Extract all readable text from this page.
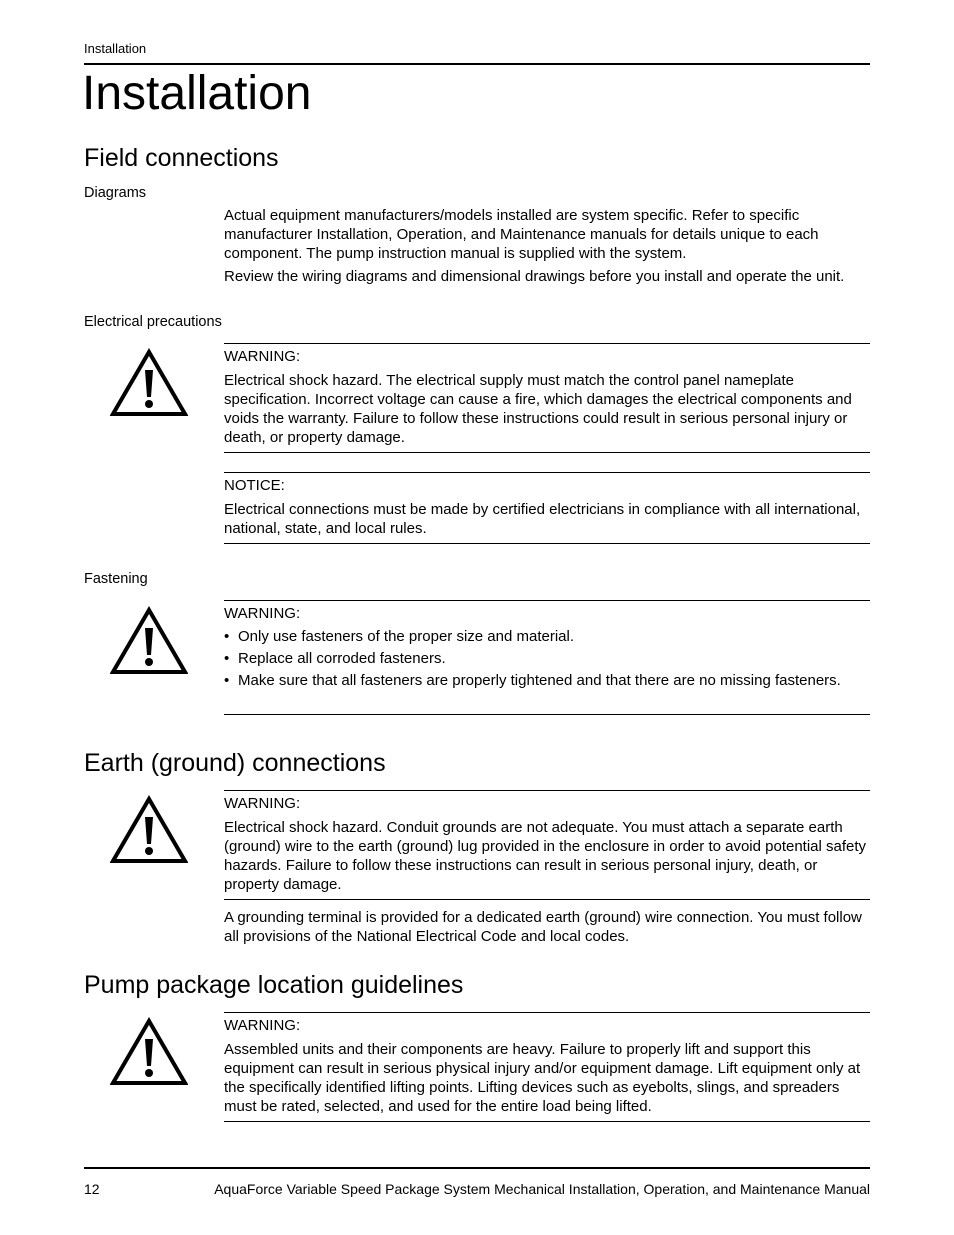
Installation
Installation
Field connections
Diagrams

Actual equipment manufacturers/models installed are system specific. Refer to specific manufacturer Installation, Operation, and Maintenance manuals for details unique to each component. The pump instruction manual is supplied with the system.

Review the wiring diagrams and dimensional drawings before you install and operate the unit.

Electrical precautions
WARNING:
Electrical shock hazard. The electrical supply must match the control panel nameplate specification. Incorrect voltage can cause a fire, which damages the electrical components and voids the warranty. Failure to follow these instructions could result in serious personal injury or death, or property damage.
NOTICE:
Electrical connections must be made by certified electricians in compliance with all international, national, state, and local rules.
Fastening
WARNING:
• Only use fasteners of the proper size and material.
• Replace all corroded fasteners.
• Make sure that all fasteners are properly tightened and that there are no missing fasteners.
Earth (ground) connections
WARNING:
Electrical shock hazard. Conduit grounds are not adequate. You must attach a separate earth (ground) wire to the earth (ground) lug provided in the enclosure in order to avoid potential safety hazards. Failure to follow these instructions can result in serious personal injury, death, or property damage.
A grounding terminal is provided for a dedicated earth (ground) wire connection. You must follow all provisions of the National Electrical Code and local codes.
Pump package location guidelines
WARNING:
Assembled units and their components are heavy. Failure to properly lift and support this equipment can result in serious physical injury and/or equipment damage. Lift equipment only at the specifically identified lifting points. Lifting devices such as eyebolts, slings, and spreaders must be rated, selected, and used for the entire load being lifted.
12	AquaForce Variable Speed Package System Mechanical Installation, Operation, and Maintenance Manual
